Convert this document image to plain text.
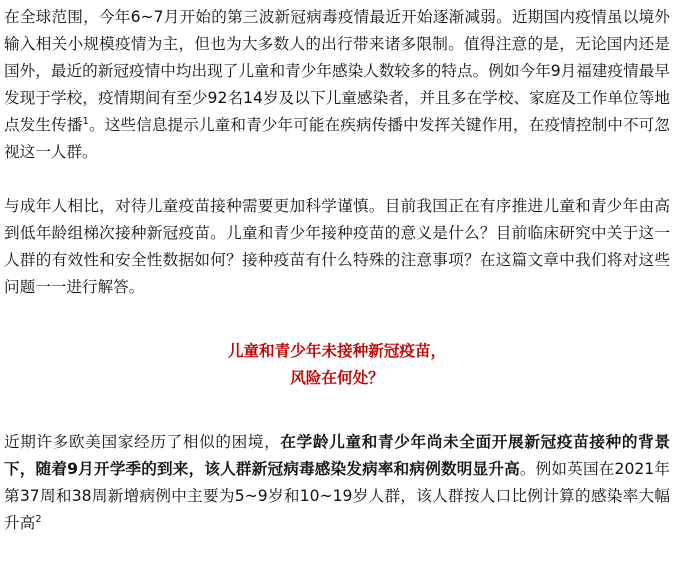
在全球范围，今年6~7月开始的第三波新冠病毒疫情最近开始逐渐减弱。近期国内疫情虽以境外输入相关小规模疫情为主，但也为大多数人的出行带来诸多限制。值得注意的是，无论国内还是国外，最近的新冠疫情中均出现了儿童和青少年感染人数较多的特点。例如今年9月福建疫情最早发现于学校，疫情期间有至少92名14岁及以下儿童感染者，并且多在学校、家庭及工作单位等地点发生传播$^1$。这些信息提示儿童和青少年可能在疾病传播中发挥关键作用，在疫情控制中不可忽视这一人群。

与成年人相比，对待儿童疫苗接种需要更加科学谨慎。目前我国正在有序推进儿童和青少年由高到低年龄组梯次接种新冠疫苗。儿童和青少年接种疫苗的意义是什么？目前临床研究中关于这一人群的有效性和安全性数据如何？接种疫苗有什么特殊的注意事项？在这篇文章中我们将对这些问题一一进行解答。

儿童和青少年未接种新冠疫苗，

风险在何处？

近期许多欧美国家经历了相似的困境，在学龄儿童和青少年尚未全面开展新冠疫苗接种的背景下，随着9月开学季的到来，该人群新冠病毒感染发病率和病例数明显升高。例如英国在2021年第37周和38周新增病例中主要为5~9岁和10~19岁人群，该人群按人口比例计算的感染率大幅升高$^2$
